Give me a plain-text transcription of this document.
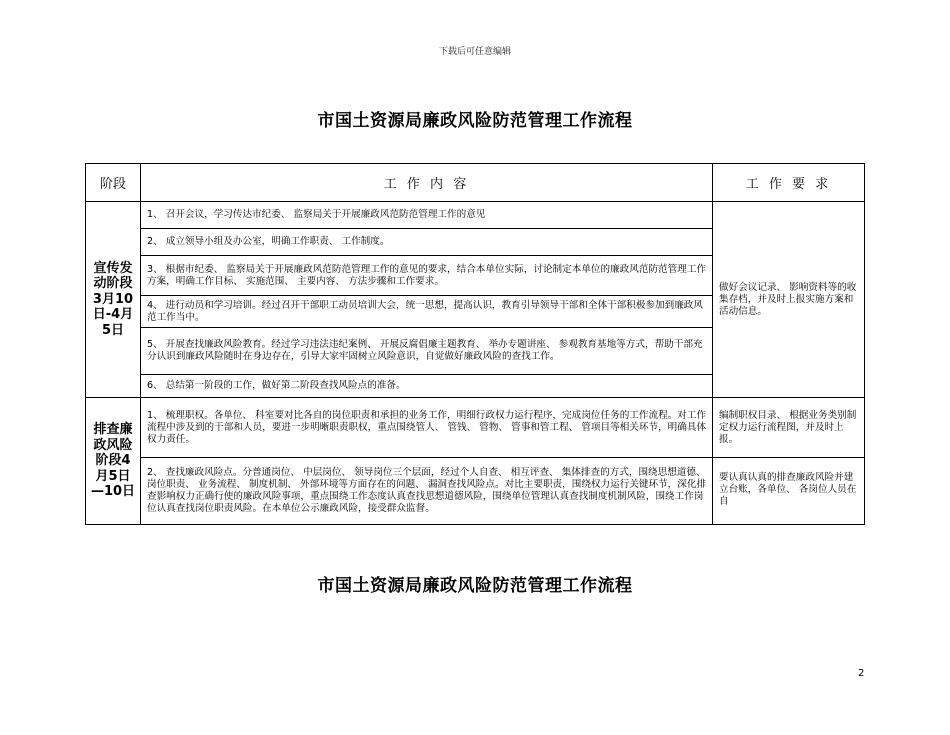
下载后可任意编辑
市国土资源局廉政风险防范管理工作流程
阶段	工 作 内 容	工 作 要 求
宣传发动阶段3月10日-4月5日	1、 召开会议，学习传达市纪委、 监察局关于开展廉政风范防范管理工作的意见	做好会议记录、 影响资料等的收集存档，并及时上报实施方案和活动信息。
	2、 成立领导小组及办公室，明确工作职责、 工作制度。	
	3、 根据市纪委、 监察局关于开展廉政风范防范管理工作的意见的要求，结合本单位实际，讨论制定本单位的廉政风范防范管理工作方案，明确工作目标、 实施范围、 主要内容、 方法步骤和工作要求。	
	4、 进行动员和学习培训。经过召开干部职工动员培训大会，统一思想，提高认识，教育引导领导干部和全体干部积极参加到廉政风范工作当中。	
	5、 开展查找廉政风险教育。经过学习违法违纪案例、 开展反腐倡廉主题教育、 举办专题讲座、 参观教育基地等方式，帮助干部充分认识到廉政风险随时在身边存在，引导大家牢固树立风险意识，自觉做好廉政风险的查找工作。	
	6、 总结第一阶段的工作，做好第二阶段查找风险点的准备。	
排查廉政风险阶段4月5日—10日	1、 梳理职权。各单位、 科室要对比各自的岗位职责和承担的业务工作，明细行政权力运行程序，完成岗位任务的工作流程。对工作流程中涉及到的干部和人员，要进一步明晰职责职权，重点围绕管人、 管钱、 管物、 管事和管工程、 管项目等相关环节，明确具体权力责任。	编制职权目录、 根据业务类别制定权力运行流程图，并及时上报。
	2、 查找廉政风险点。分普通岗位、 中层岗位、 领导岗位三个层面，经过个人自查、 相互评查、 集体排查的方式，围绕思想道德、 岗位职责、 业务流程、 制度机制、 外部环境等方面存在的问题、 漏洞查找风险点。对比主要职责，围绕权力运行关键环节，深化排查影响权力正确行使的廉政风险事项，重点围绕工作态度认真查找思想道德风险，围绕单位管理认真查找制度机制风险，围绕工作岗位认真查找岗位职责风险。在本单位公示廉政风险，接受群众监督。	要认真认真的排查廉政风险并建立台账，各单位、 各岗位人员在自
市国土资源局廉政风险防范管理工作流程
2
